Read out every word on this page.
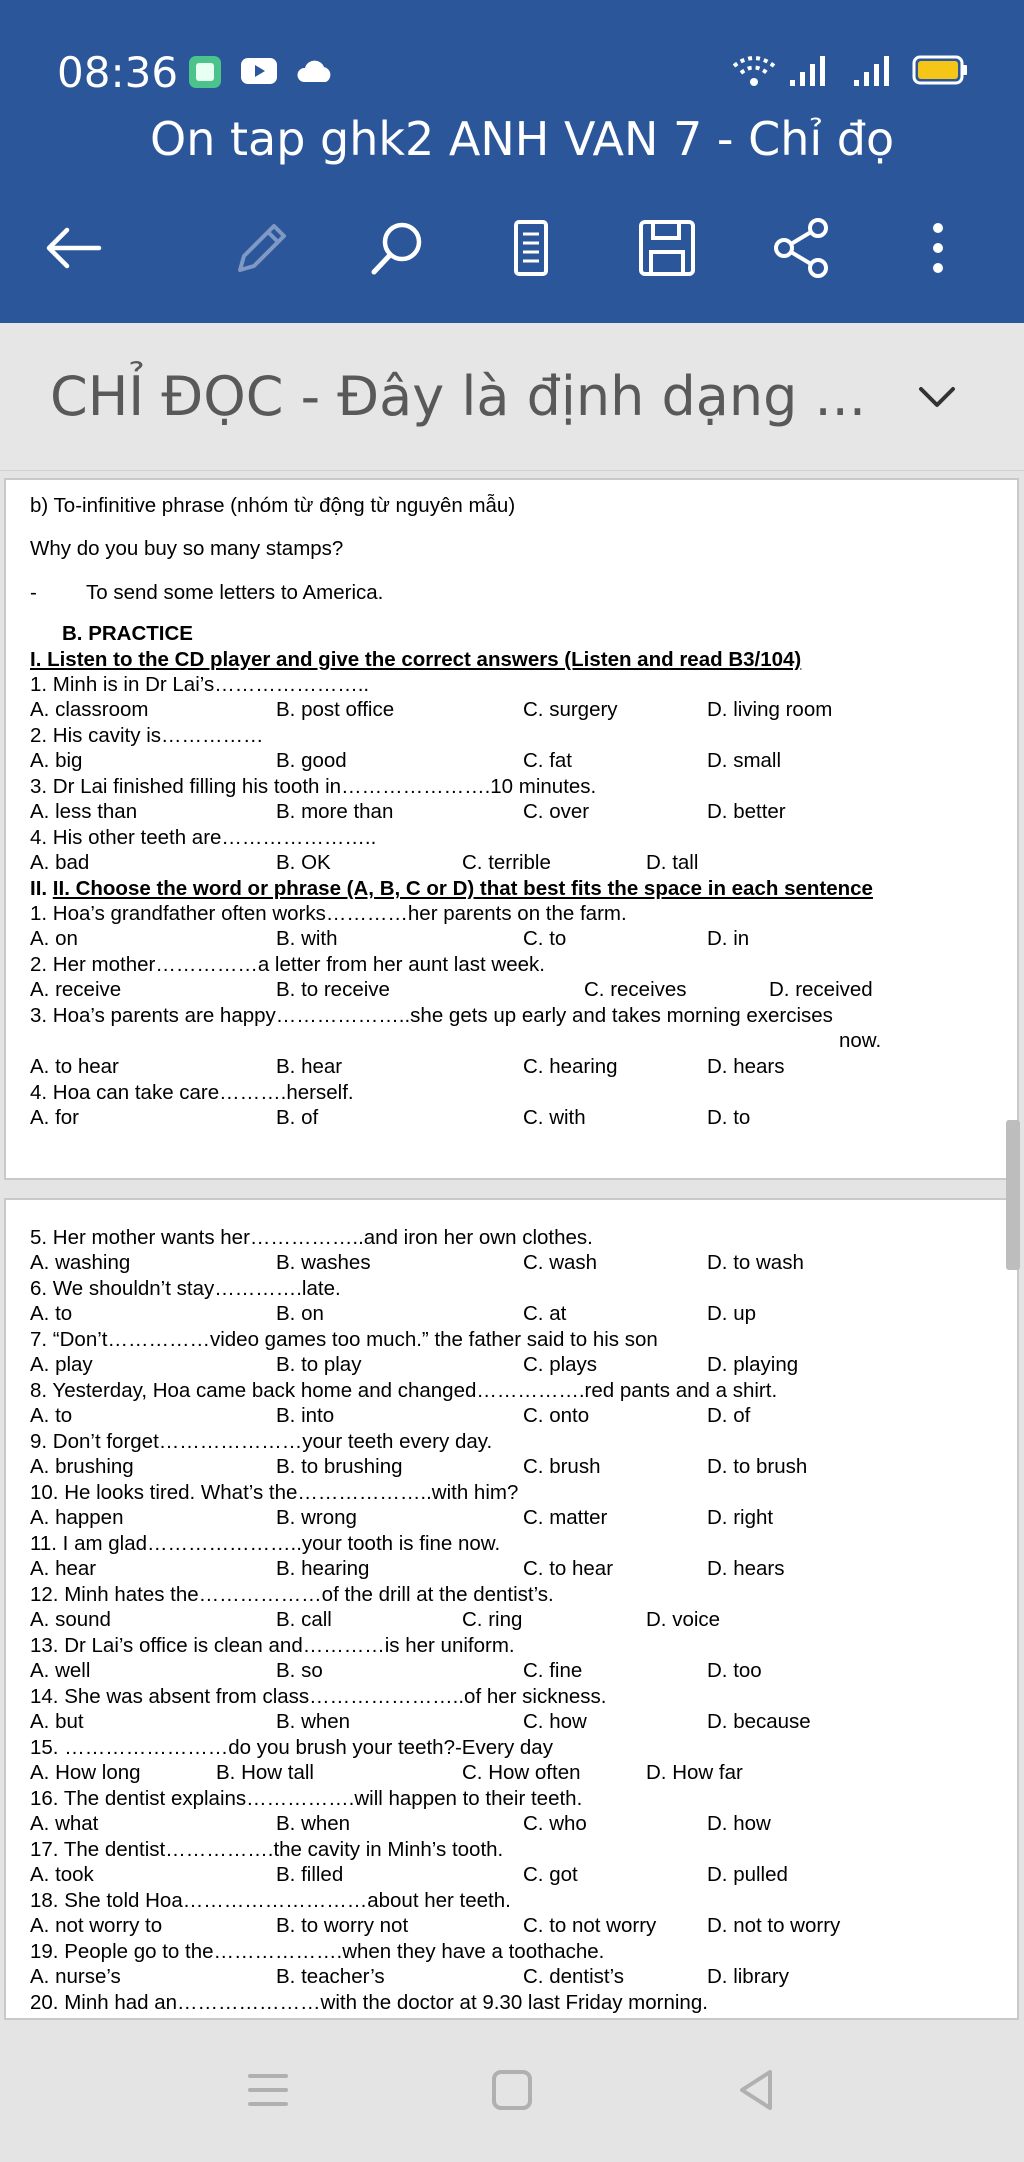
08:36
On tap ghk2 ANH VAN 7 - Chỉ đọ
CHỈ ĐỌC - Đây là định dạng ...
b) To-infinitive phrase (nhóm từ động từ nguyên mẫu)
Why do you buy so many stamps?
- To send some letters to America.
B. PRACTICE
I. Listen to the CD player and give the correct answers (Listen and read B3/104)
1. Minh is in Dr Lai’s…………………..
A. classroom	B. post office	C. surgery	D. living room
2. His cavity is……………
A. big	B. good	C. fat	D. small
3. Dr Lai finished filling his tooth in………………….10 minutes.
A. less than	B. more than	C. over	D. better
4. His other teeth are…………………..
A. bad	B. OK	C. terrible	D. tall
II. II. Choose the word or phrase (A, B, C or D) that best fits the space in each sentence
1. Hoa’s grandfather often works…………her parents on the farm.
A. on	B. with	C. to	D. in
2. Her mother……………a letter from her aunt last week.
A. receive	B. to receive	C. receives	D. received
3. Hoa’s parents are happy………………..she gets up early and takes morning exercises
now.
A. to hear	B. hear	C. hearing	D. hears
4. Hoa can take care……….herself.
A. for	B. of	C. with	D. to
5. Her mother wants her……………..and iron her own clothes.
A. washing	B. washes	C. wash	D. to wash
6. We shouldn’t stay………….late.
A. to	B. on	C. at	D. up
7. “Don’t……………video games too much.” the father said to his son
A. play	B. to play	C. plays	D. playing
8. Yesterday, Hoa came back home and changed…………….red pants and a shirt.
A. to	B. into	C. onto	D. of
9. Don’t forget…………………your teeth every day.
A. brushing	B. to brushing	C. brush	D. to brush
10. He looks tired. What’s the………………..with him?
A. happen	B. wrong	C. matter	D. right
11. I am glad…………………..your tooth is fine now.
A. hear	B. hearing	C. to hear	D. hears
12. Minh hates the………………of the drill at the dentist’s.
A. sound	B. call	C. ring	D. voice
13. Dr Lai’s office is clean and…………is her uniform.
A. well	B. so	C. fine	D. too
14. She was absent from class…………………..of her sickness.
A. but	B. when	C. how	D. because
15. ……………………do you brush your teeth?-Every day
A. How long	B. How tall	C. How often	D. How far
16. The dentist explains…………….will happen to their teeth.
A. what	B. when	C. who	D. how
17. The dentist…………….the cavity in Minh’s tooth.
A. took	B. filled	C. got	D. pulled
18. She told Hoa………………………about her teeth.
A. not worry to	B. to worry not	C. to not worry D. not to worry
19. People go to the……………….when they have a toothache.
A. nurse’s	B. teacher’s	C. dentist’s	D. library
20. Minh had an…………………with the doctor at 9.30 last Friday morning.
